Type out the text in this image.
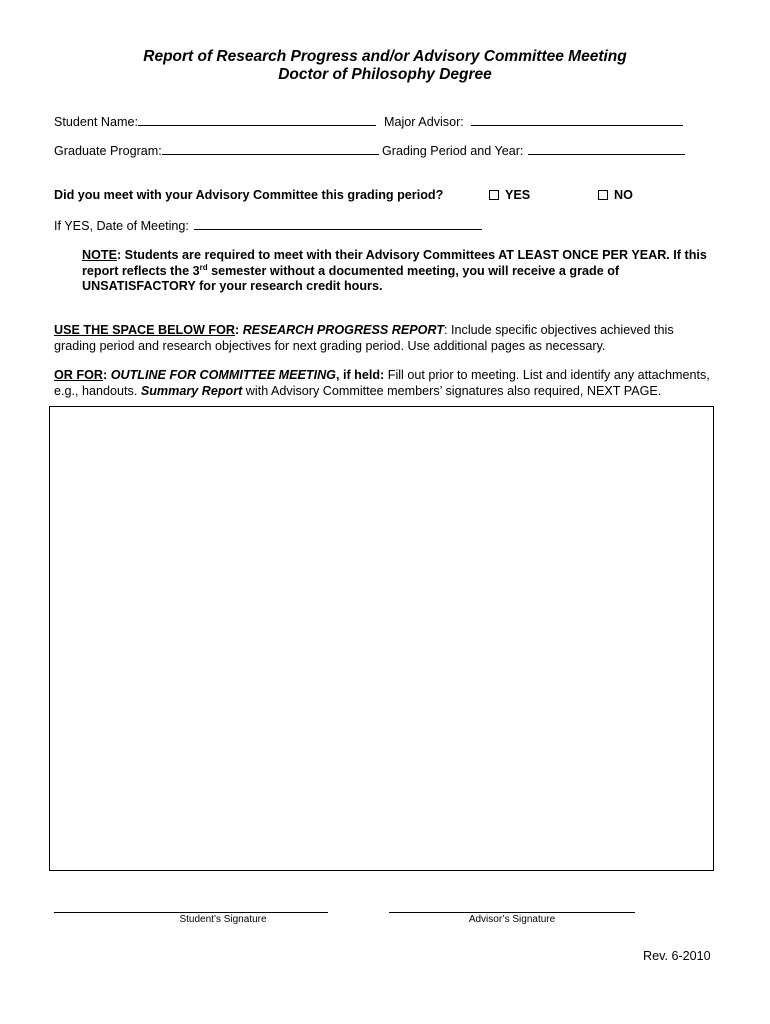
Report of Research Progress and/or Advisory Committee Meeting
Doctor of Philosophy Degree
Student Name:	Major Advisor:
Graduate Program:	Grading Period and Year:
Did you meet with your Advisory Committee this grading period?	YES	NO
If YES, Date of Meeting:
NOTE: Students are required to meet with their Advisory Committees AT LEAST ONCE PER YEAR. If this report reflects the 3rd semester without a documented meeting, you will receive a grade of UNSATISFACTORY for your research credit hours.
USE THE SPACE BELOW FOR: RESEARCH PROGRESS REPORT: Include specific objectives achieved this grading period and research objectives for next grading period. Use additional pages as necessary.
OR FOR: OUTLINE FOR COMMITTEE MEETING, if held: Fill out prior to meeting. List and identify any attachments, e.g., handouts. Summary Report with Advisory Committee members’ signatures also required, NEXT PAGE.
Student’s Signature	Advisor’s Signature
Rev. 6-2010
